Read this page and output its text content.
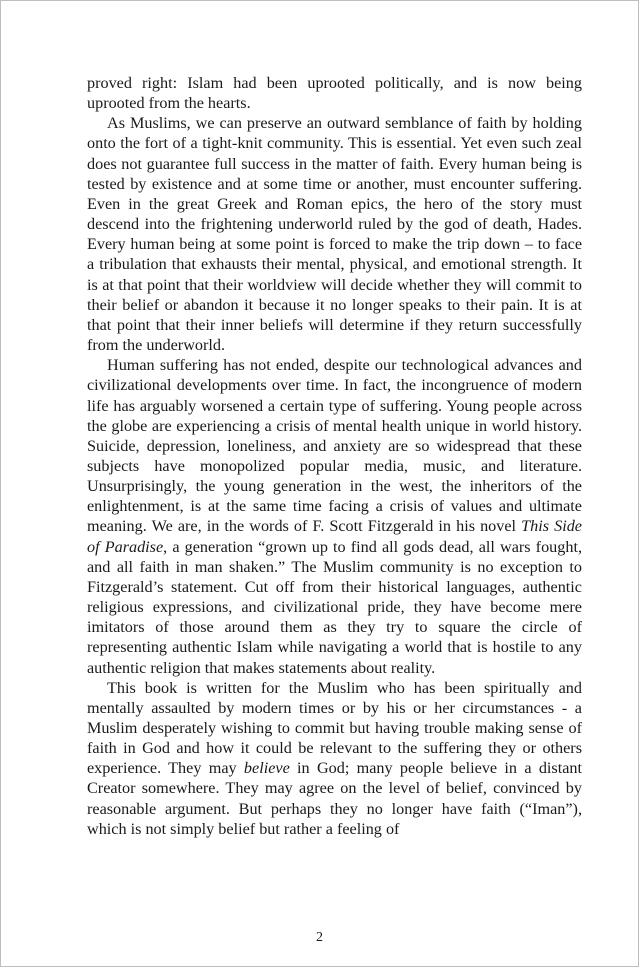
proved right: Islam had been uprooted politically, and is now being uprooted from the hearts.

As Muslims, we can preserve an outward semblance of faith by holding onto the fort of a tight-knit community. This is essential. Yet even such zeal does not guarantee full success in the matter of faith. Every human being is tested by existence and at some time or another, must encounter suffering. Even in the great Greek and Roman epics, the hero of the story must descend into the frightening underworld ruled by the god of death, Hades. Every human being at some point is forced to make the trip down – to face a tribulation that exhausts their mental, physical, and emotional strength. It is at that point that their worldview will decide whether they will commit to their belief or abandon it because it no longer speaks to their pain. It is at that point that their inner beliefs will determine if they return successfully from the underworld.

Human suffering has not ended, despite our technological advances and civilizational developments over time. In fact, the incongruence of modern life has arguably worsened a certain type of suffering. Young people across the globe are experiencing a crisis of mental health unique in world history. Suicide, depression, loneliness, and anxiety are so widespread that these subjects have monopolized popular media, music, and literature. Unsurprisingly, the young generation in the west, the inheritors of the enlightenment, is at the same time facing a crisis of values and ultimate meaning. We are, in the words of F. Scott Fitzgerald in his novel This Side of Paradise, a generation “grown up to find all gods dead, all wars fought, and all faith in man shaken.” The Muslim community is no exception to Fitzgerald’s statement. Cut off from their historical languages, authentic religious expressions, and civilizational pride, they have become mere imitators of those around them as they try to square the circle of representing authentic Islam while navigating a world that is hostile to any authentic religion that makes statements about reality.

This book is written for the Muslim who has been spiritually and mentally assaulted by modern times or by his or her circumstances - a Muslim desperately wishing to commit but having trouble making sense of faith in God and how it could be relevant to the suffering they or others experience. They may believe in God; many people believe in a distant Creator somewhere. They may agree on the level of belief, convinced by reasonable argument. But perhaps they no longer have faith (“Iman”), which is not simply belief but rather a feeling of

2
